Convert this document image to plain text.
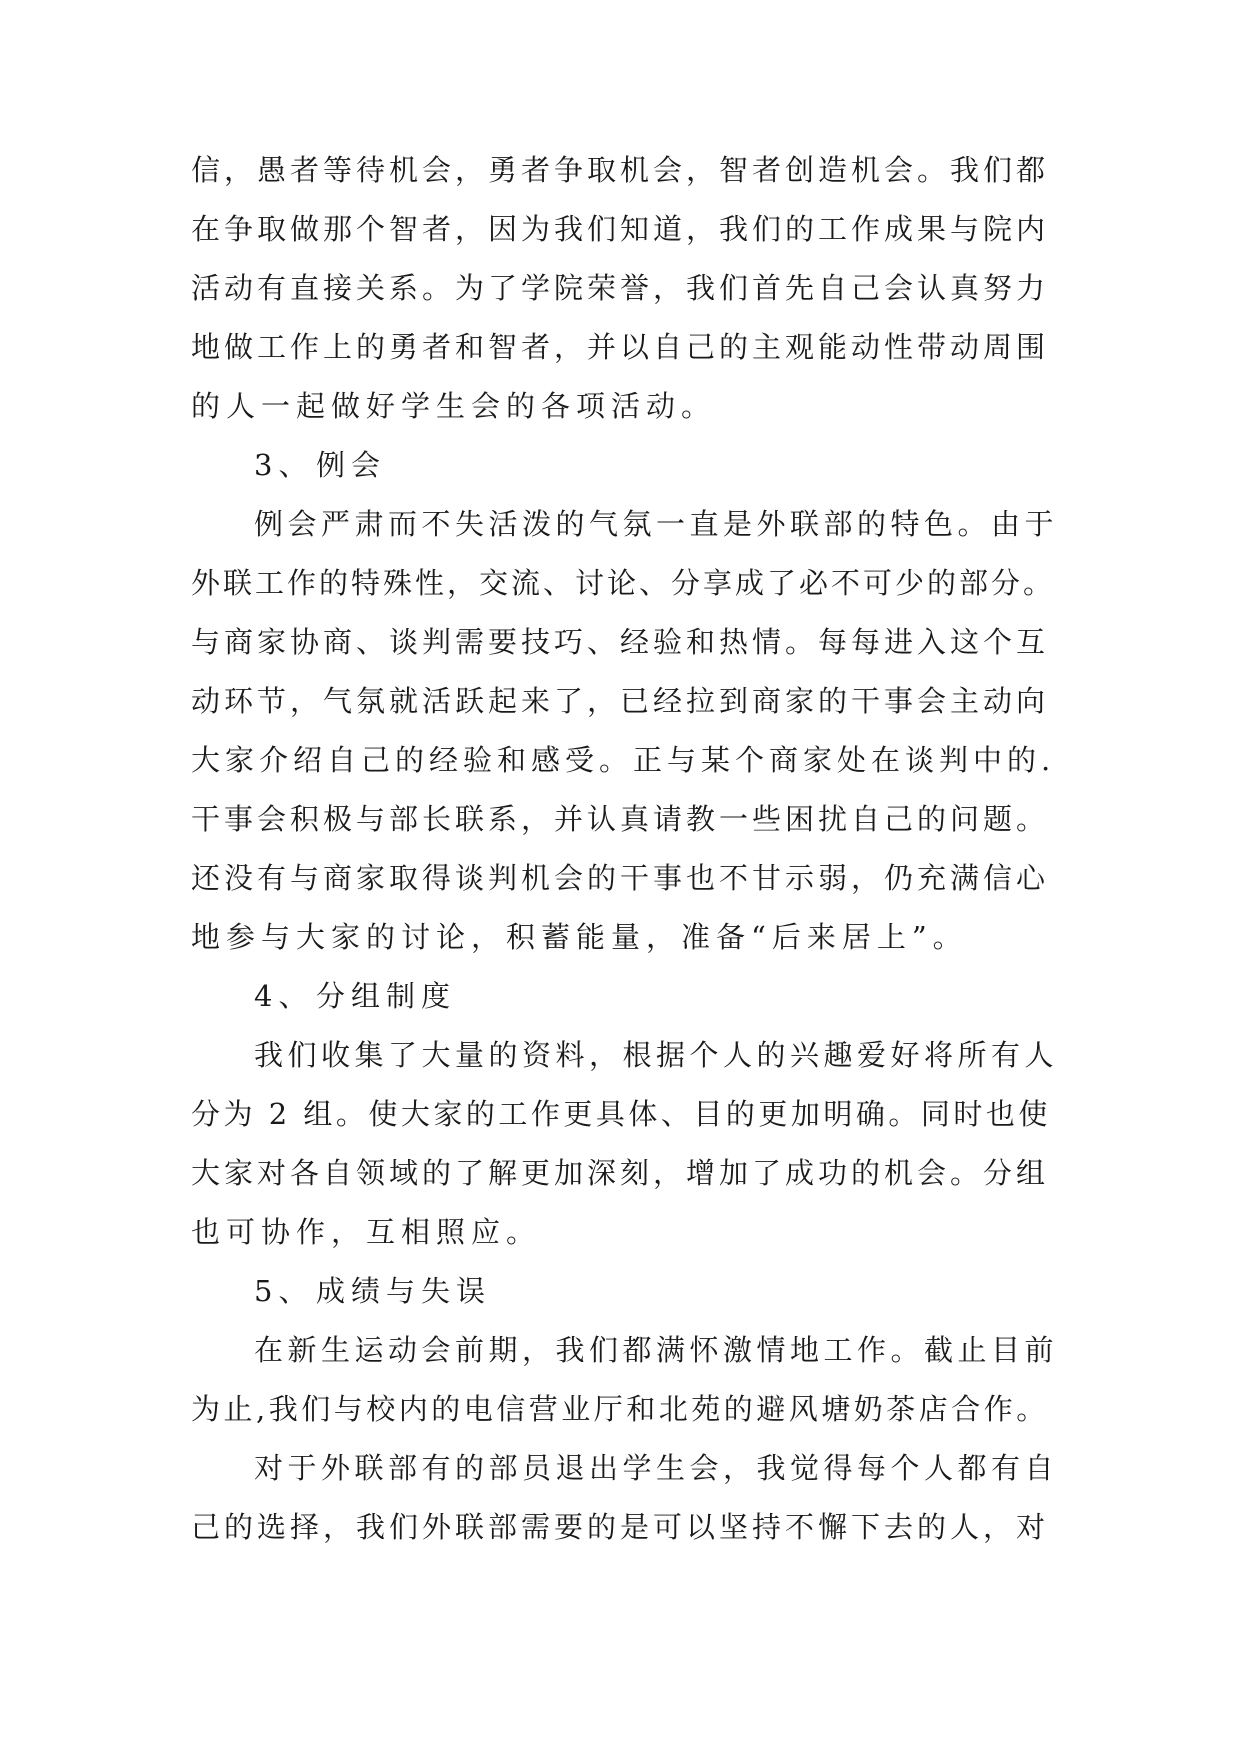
信，愚者等待机会，勇者争取机会，智者创造机会。我们都
在争取做那个智者，因为我们知道，我们的工作成果与院内
活动有直接关系。为了学院荣誉，我们首先自己会认真努力
地做工作上的勇者和智者，并以自己的主观能动性带动周围
的人一起做好学生会的各项活动。
3、例会
例会严肃而不失活泼的气氛一直是外联部的特色。由于
外联工作的特殊性，交流、讨论、分享成了必不可少的部分。
与商家协商、谈判需要技巧、经验和热情。每每进入这个互
动环节，气氛就活跃起来了，已经拉到商家的干事会主动向
大家介绍自己的经验和感受。正与某个商家处在谈判中的.
干事会积极与部长联系，并认真请教一些困扰自己的问题。
还没有与商家取得谈判机会的干事也不甘示弱，仍充满信心
地参与大家的讨论，积蓄能量，准备“后来居上”。
4、分组制度
我们收集了大量的资料，根据个人的兴趣爱好将所有人
分为 2 组。使大家的工作更具体、目的更加明确。同时也使
大家对各自领域的了解更加深刻，增加了成功的机会。分组
也可协作，互相照应。
5、成绩与失误
在新生运动会前期，我们都满怀激情地工作。截止目前
为止,我们与校内的电信营业厅和北苑的避风塘奶茶店合作。
对于外联部有的部员退出学生会，我觉得每个人都有自
己的选择，我们外联部需要的是可以坚持不懈下去的人，对
